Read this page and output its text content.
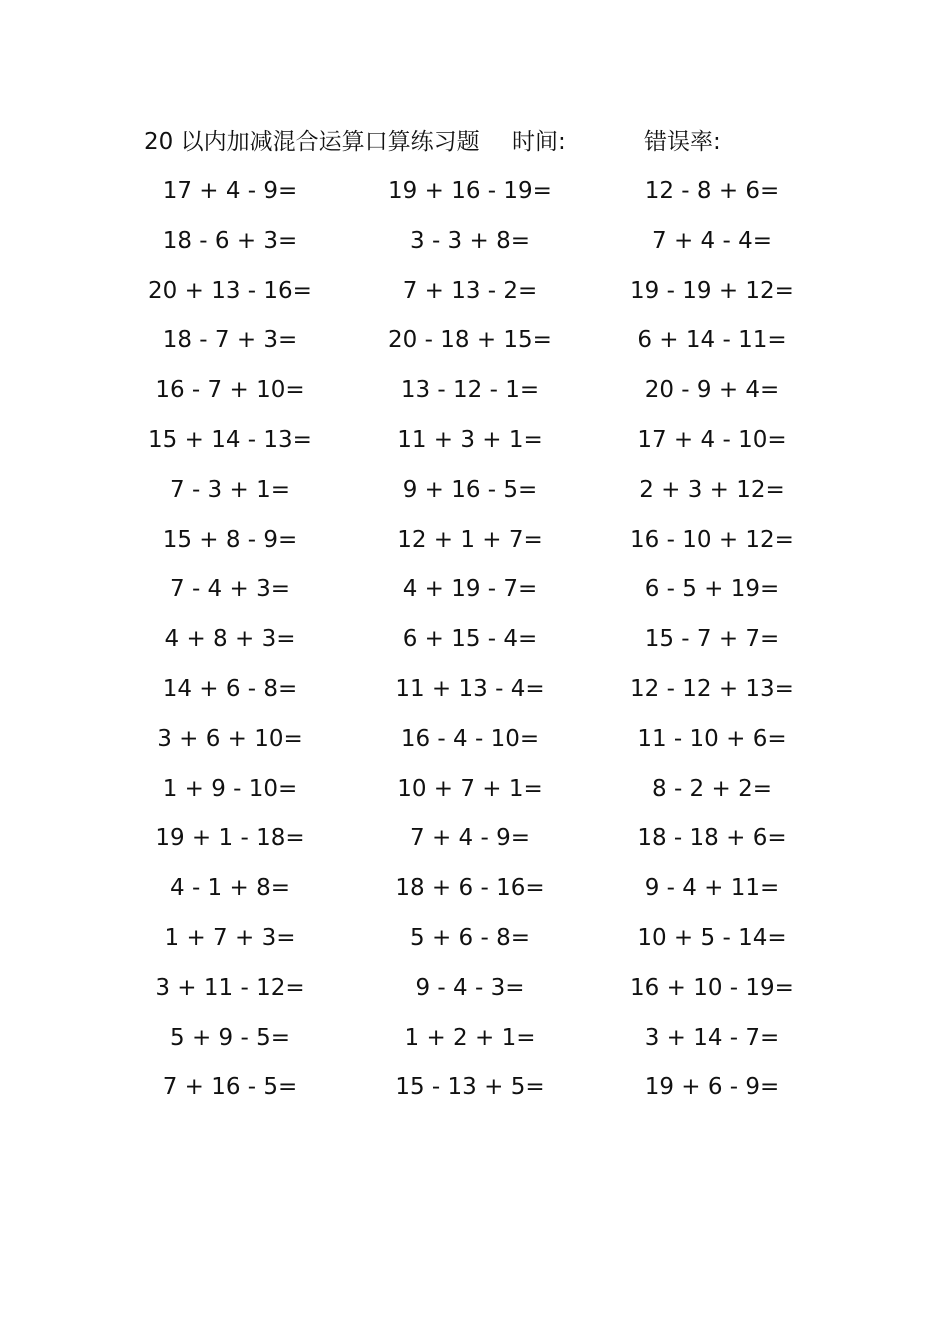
20 以内加减混合运算口算练习题 时间:	错误率:
17 + 4 - 9=
18 - 6 + 3=
20 + 13 - 16=
18 - 7 + 3=
16 - 7 + 10=
15 + 14 - 13=
7 - 3 + 1=
15 + 8 - 9=
7 - 4 + 3=
4 + 8 + 3=
14 + 6 - 8=
3 + 6 + 10=
1 + 9 - 10=
19 + 1 - 18=
4 - 1 + 8=
1 + 7 + 3=
3 + 11 - 12=
5 + 9 - 5=
7 + 16 - 5=
19 + 16 - 19=
3 - 3 + 8=
7 + 13 - 2=
20 - 18 + 15=
13 - 12 - 1=
11 + 3 + 1=
9 + 16 - 5=
12 + 1 + 7=
4 + 19 - 7=
6 + 15 - 4=
11 + 13 - 4=
16 - 4 - 10=
10 + 7 + 1=
7 + 4 - 9=
18 + 6 - 16=
5 + 6 - 8=
9 - 4 - 3=
1 + 2 + 1=
15 - 13 + 5=
12 - 8 + 6=
7 + 4 - 4=
19 - 19 + 12=
6 + 14 - 11=
20 - 9 + 4=
17 + 4 - 10=
2 + 3 + 12=
16 - 10 + 12=
6 - 5 + 19=
15 - 7 + 7=
12 - 12 + 13=
11 - 10 + 6=
8 - 2 + 2=
18 - 18 + 6=
9 - 4 + 11=
10 + 5 - 14=
16 + 10 - 19=
3 + 14 - 7=
19 + 6 - 9=
